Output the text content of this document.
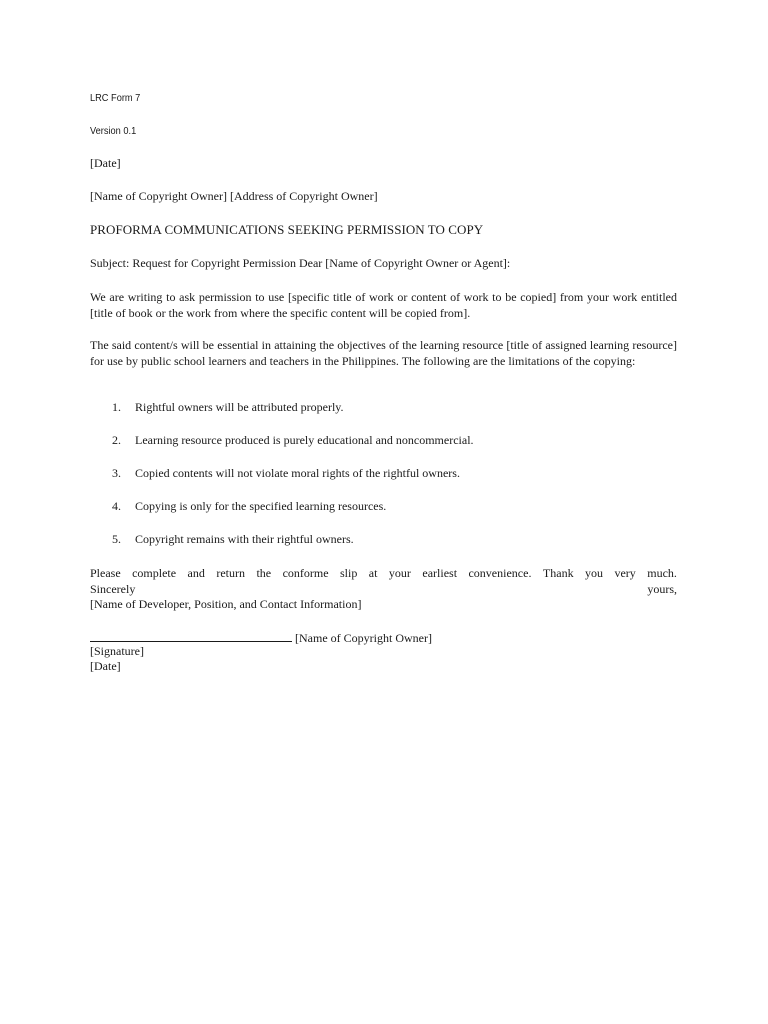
LRC Form 7
Version 0.1
[Date]
[Name of Copyright Owner] [Address of Copyright Owner]
PROFORMA COMMUNICATIONS SEEKING PERMISSION TO COPY
Subject: Request for Copyright Permission Dear [Name of Copyright Owner or Agent]:
We are writing to ask permission to use [specific title of work or content of work to be copied] from your work entitled [title of book or the work from where the specific content will be copied from].
The said content/s will be essential in attaining the objectives of the learning resource [title of assigned learning resource] for use by public school learners and teachers in the Philippines. The following are the limitations of the copying:
1. Rightful owners will be attributed properly.
2. Learning resource produced is purely educational and noncommercial.
3. Copied contents will not violate moral rights of the rightful owners.
4. Copying is only for the specified learning resources.
5. Copyright remains with their rightful owners.
Please complete and return the conforme slip at your earliest convenience. Thank you very much.
Sincerely	yours,
[Name of Developer, Position, and Contact Information]
[Name of Copyright Owner]
[Signature]
[Date]
